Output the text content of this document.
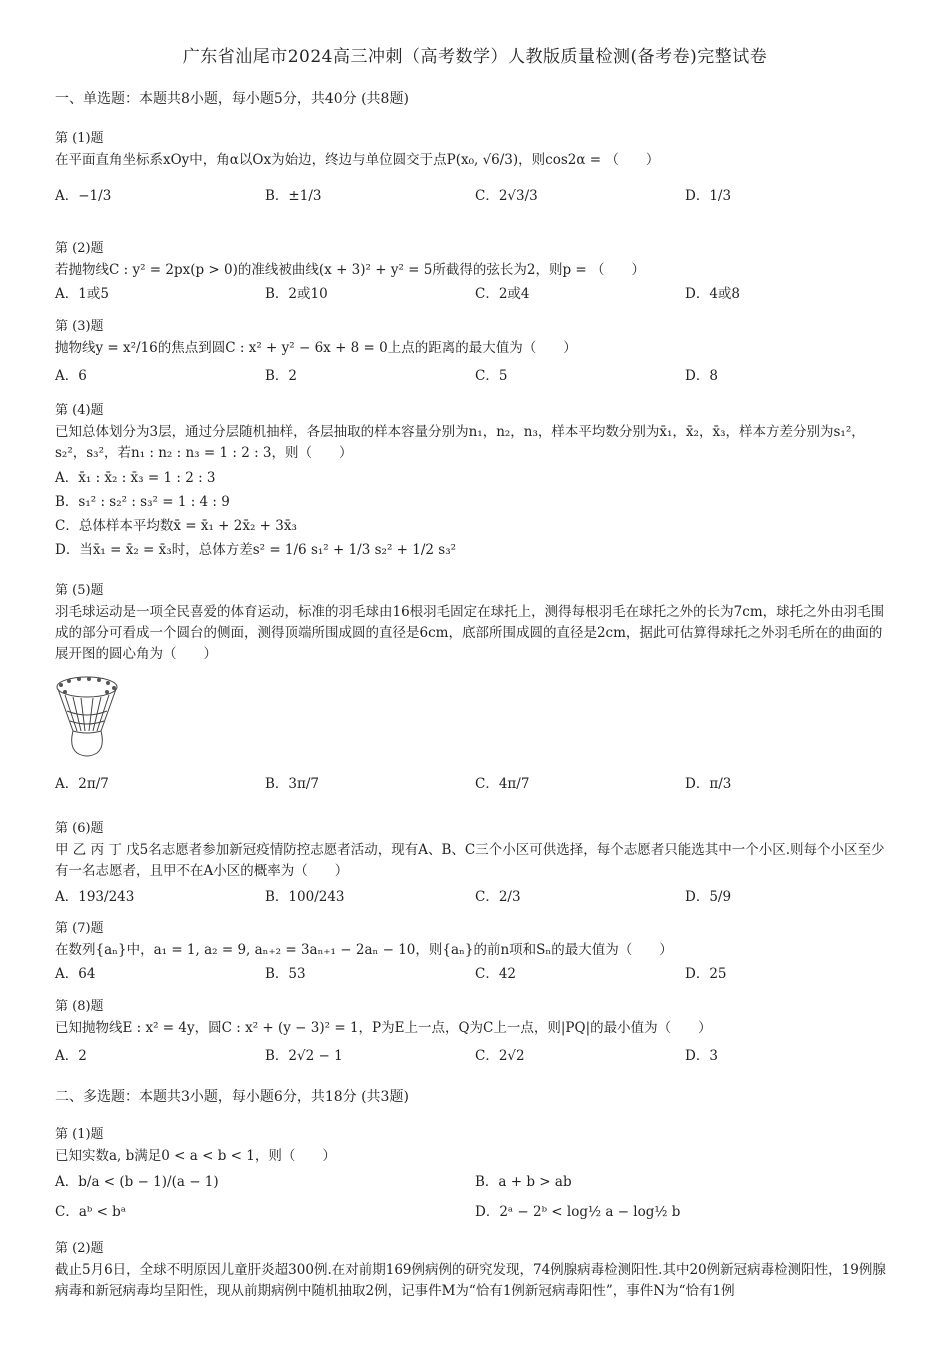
广东省汕尾市2024高三冲刺（高考数学）人教版质量检测(备考卷)完整试卷
一、单选题：本题共8小题，每小题5分，共40分 (共8题)
第 (1)题
在平面直角坐标系xOy中，角α以Ox为始边，终边与单位圆交于点P(x₀, √6/3)，则cos2α = （　　）
A．−1/3	B．±1/3	C．2√3/3	D．1/3
第 (2)题
若抛物线C : y² = 2px(p > 0)的准线被曲线(x + 3)² + y² = 5所截得的弦长为2，则p = （　　）
A．1或5	B．2或10	C．2或4	D．4或8
第 (3)题
抛物线y = x²/16的焦点到圆C : x² + y² − 6x + 8 = 0上点的距离的最大值为（　　）
A．6	B．2	C．5	D．8
第 (4)题
已知总体划分为3层，通过分层随机抽样，各层抽取的样本容量分别为n₁，n₂，n₃，样本平均数分别为x̄₁，x̄₂，x̄₃，样本方差分别为s₁²，s₂²，s₃²，若n₁ : n₂ : n₃ = 1 : 2 : 3，则（　　）
A．x̄₁ : x̄₂ : x̄₃ = 1 : 2 : 3
B．s₁² : s₂² : s₃² = 1 : 4 : 9
C．总体样本平均数x̄ = x̄₁ + 2x̄₂ + 3x̄₃
D．当x̄₁ = x̄₂ = x̄₃时，总体方差s² = 1/6 s₁² + 1/3 s₂² + 1/2 s₃²
第 (5)题
羽毛球运动是一项全民喜爱的体育运动，标准的羽毛球由16根羽毛固定在球托上，测得每根羽毛在球托之外的长为7cm，球托之外由羽毛围成的部分可看成一个圆台的侧面，测得顶端所围成圆的直径是6cm，底部所围成圆的直径是2cm，据此可估算得球托之外羽毛所在的曲面的展开图的圆心角为（　　）
A．2π/7	B．3π/7	C．4π/7	D．π/3
第 (6)题
甲 乙 丙 丁 戊5名志愿者参加新冠疫情防控志愿者活动，现有A、B、C三个小区可供选择，每个志愿者只能选其中一个小区.则每个小区至少有一名志愿者，且甲不在A小区的概率为（　　）
A．193/243	B．100/243	C．2/3	D．5/9
第 (7)题
在数列{aₙ}中，a₁ = 1, a₂ = 9, aₙ₊₂ = 3aₙ₊₁ − 2aₙ − 10，则{aₙ}的前n项和Sₙ的最大值为（　　）
A．64	B．53	C．42	D．25
第 (8)题
已知抛物线E : x² = 4y，圆C : x² + (y − 3)² = 1，P为E上一点，Q为C上一点，则|PQ|的最小值为（　　）
A．2	B．2√2 − 1	C．2√2	D．3
二、多选题：本题共3小题，每小题6分，共18分 (共3题)
第 (1)题
已知实数a, b满足0 < a < b < 1，则（　　）
A．b/a < (b − 1)/(a − 1)	B．a + b > ab
C．aᵇ < bᵃ	D．2ᵃ − 2ᵇ < log½ a − log½ b
第 (2)题
截止5月6日，全球不明原因儿童肝炎超300例.在对前期169例病例的研究发现，74例腺病毒检测阳性.其中20例新冠病毒检测阳性，19例腺病毒和新冠病毒均呈阳性，现从前期病例中随机抽取2例，记事件M为“恰有1例新冠病毒阳性”，事件N为“恰有1例
